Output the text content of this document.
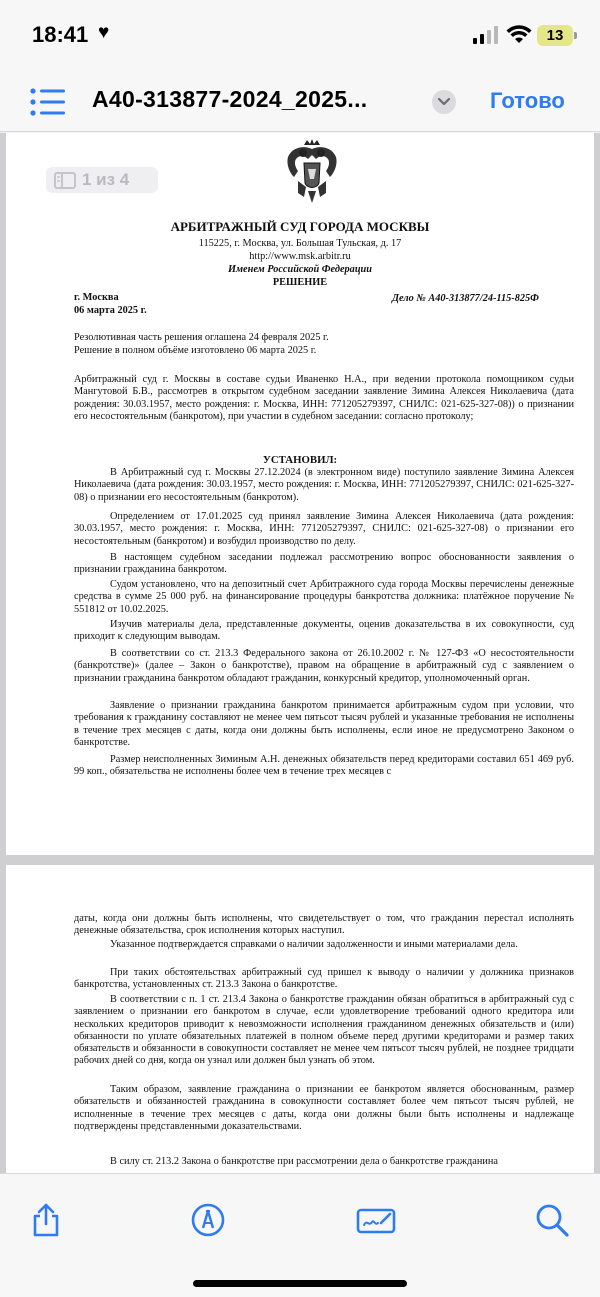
18:41 ♥	13
A40-313877-2024_2025...	Готово
1 из 4
АРБИТРАЖНЫЙ СУД ГОРОДА МОСКВЫ
115225, г. Москва, ул. Большая Тульская, д. 17
http://www.msk.arbitr.ru
Именем Российской Федерации
РЕШЕНИЕ
г. Москва
06 марта 2025 г.
Дело № А40-313877/24-115-825Ф
Резолютивная часть решения оглашена 24 февраля 2025 г.
Решение в полном объёме изготовлено 06 марта 2025 г.
Арбитражный суд г. Москвы в составе судьи Иваненко Н.А., при ведении протокола помощником судьи Мангутовой Б.В., рассмотрев в открытом судебном заседании заявление Зимина Алексея Николаевича (дата рождения: 30.03.1957, место рождения: г. Москва, ИНН: 771205279397, СНИЛС: 021-625-327-08)) о признании его несостоятельным (банкротом), при участии в судебном заседании: согласно протоколу;
УСТАНОВИЛ:
В Арбитражный суд г. Москвы 27.12.2024 (в электронном виде) поступило заявление Зимина Алексея Николаевича (дата рождения: 30.03.1957, место рождения: г. Москва, ИНН: 771205279397, СНИЛС: 021-625-327-08) о признании его несостоятельным (банкротом).
Определением от 17.01.2025 суд принял заявление Зимина Алексея Николаевича (дата рождения: 30.03.1957, место рождения: г. Москва, ИНН: 771205279397, СНИЛС: 021-625-327-08) о признании его несостоятельным (банкротом) и возбудил производство по делу.
В настоящем судебном заседании подлежал рассмотрению вопрос обоснованности заявления о признании гражданина банкротом.
Судом установлено, что на депозитный счет Арбитражного суда города Москвы перечислены денежные средства в сумме 25 000 руб. на финансирование процедуры банкротства должника: платёжное поручение № 551812 от 10.02.2025.
Изучив материалы дела, представленные документы, оценив доказательства в их совокупности, суд приходит к следующим выводам.
В соответствии со ст. 213.3 Федерального закона от 26.10.2002 г. № 127-ФЗ «О несостоятельности (банкротстве)» (далее – Закон о банкротстве), правом на обращение в арбитражный суд с заявлением о признании гражданина банкротом обладают гражданин, конкурсный кредитор, уполномоченный орган.
Заявление о признании гражданина банкротом принимается арбитражным судом при условии, что требования к гражданину составляют не менее чем пятьсот тысяч рублей и указанные требования не исполнены в течение трех месяцев с даты, когда они должны быть исполнены, если иное не предусмотрено Законом о банкротстве.
Размер неисполненных Зиминым А.Н. денежных обязательств перед кредиторами составил 651 469 руб. 99 коп., обязательства не исполнены более чем в течение трех месяцев с
даты, когда они должны быть исполнены, что свидетельствует о том, что гражданин перестал исполнять денежные обязательства, срок исполнения которых наступил.
Указанное подтверждается справками о наличии задолженности и иными материалами дела.
При таких обстоятельствах арбитражный суд пришел к выводу о наличии у должника признаков банкротства, установленных ст. 213.3 Закона о банкротстве.
В соответствии с п. 1 ст. 213.4 Закона о банкротстве гражданин обязан обратиться в арбитражный суд с заявлением о признании его банкротом в случае, если удовлетворение требований одного кредитора или нескольких кредиторов приводит к невозможности исполнения гражданином денежных обязательств и (или) обязанности по уплате обязательных платежей в полном объеме перед другими кредиторами и размер таких обязательств и обязанности в совокупности составляет не менее чем пятьсот тысяч рублей, не позднее тридцати рабочих дней со дня, когда он узнал или должен был узнать об этом.
Таким образом, заявление гражданина о признании ее банкротом является обоснованным, размер обязательств и обязанностей гражданина в совокупности составляет более чем пятьсот тысяч рублей, не исполненные в течение трех месяцев с даты, когда они должны были быть исполнены и надлежаще подтверждены представленными доказательствами.
В силу ст. 213.2 Закона о банкротстве при рассмотрении дела о банкротстве гражданина
